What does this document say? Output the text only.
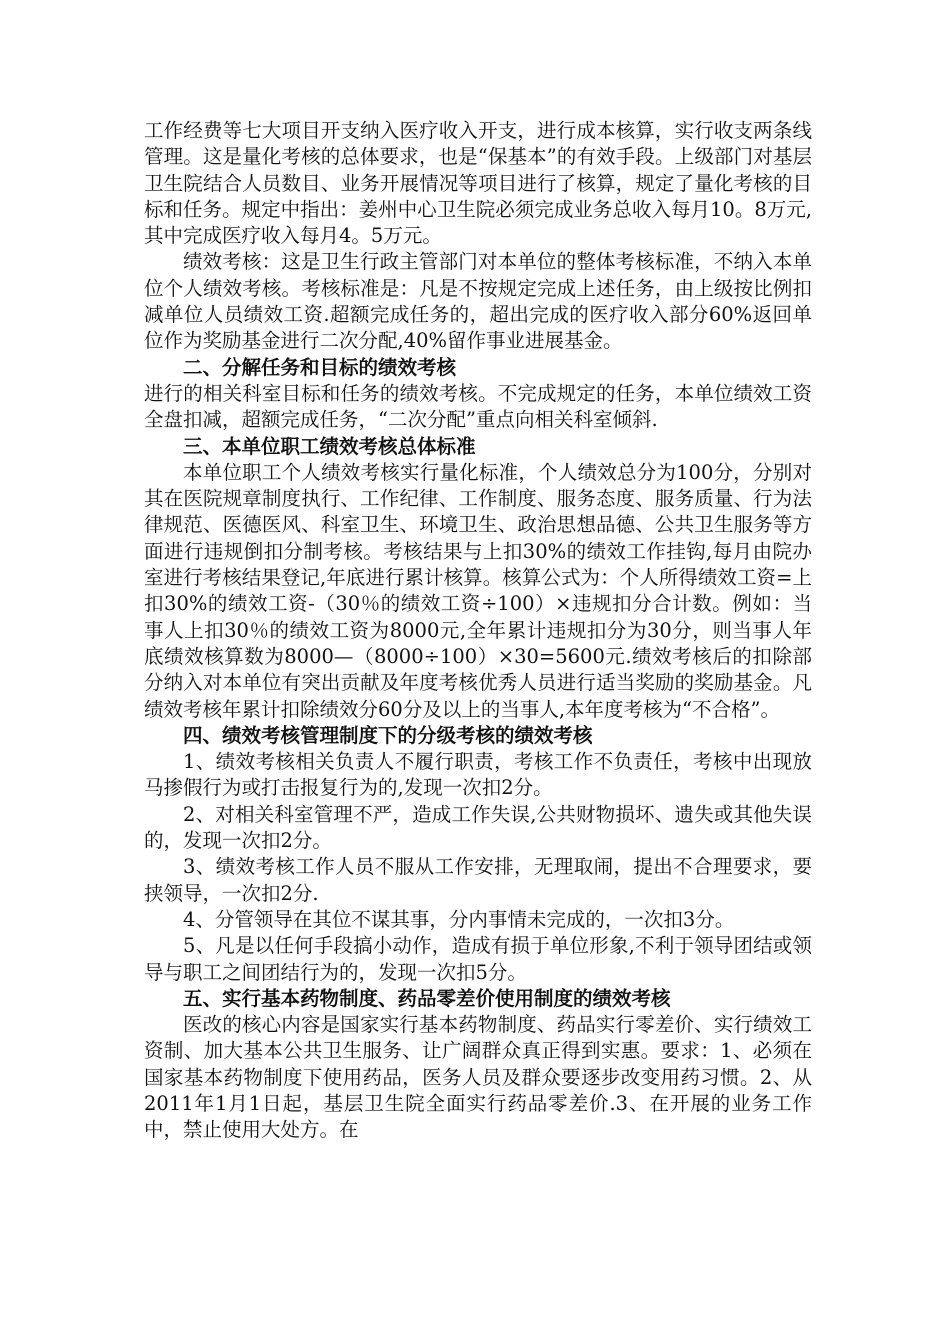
工作经费等七大项目开支纳入医疗收入开支，进行成本核算，实行收支两条线管理。这是量化考核的总体要求，也是“保基本”的有效手段。上级部门对基层卫生院结合人员数目、业务开展情况等项目进行了核算，规定了量化考核的目标和任务。规定中指出：姜州中心卫生院必须完成业务总收入每月10。8万元,其中完成医疗收入每月4。5万元。

绩效考核：这是卫生行政主管部门对本单位的整体考核标准，不纳入本单位个人绩效考核。考核标准是：凡是不按规定完成上述任务，由上级按比例扣减单位人员绩效工资.超额完成任务的，超出完成的医疗收入部分60%返回单位作为奖励基金进行二次分配,40%留作事业进展基金。

二、分解任务和目标的绩效考核

进行的相关科室目标和任务的绩效考核。不完成规定的任务，本单位绩效工资全盘扣减，超额完成任务，“二次分配”重点向相关科室倾斜.

三、本单位职工绩效考核总体标准

本单位职工个人绩效考核实行量化标准，个人绩效总分为100分，分别对其在医院规章制度执行、工作纪律、工作制度、服务态度、服务质量、行为法律规范、医德医风、科室卫生、环境卫生、政治思想品德、公共卫生服务等方面进行违规倒扣分制考核。考核结果与上扣30%的绩效工作挂钩,每月由院办室进行考核结果登记,年底进行累计核算。核算公式为：个人所得绩效工资=上扣30%的绩效工资-（30％的绩效工资÷100）×违规扣分合计数。例如：当事人上扣30％的绩效工资为8000元,全年累计违规扣分为30分，则当事人年底绩效核算数为8000—（8000÷100）×30=5600元.绩效考核后的扣除部分纳入对本单位有突出贡献及年度考核优秀人员进行适当奖励的奖励基金。凡绩效考核年累计扣除绩效分60分及以上的当事人,本年度考核为“不合格”。

四、绩效考核管理制度下的分级考核的绩效考核

1、绩效考核相关负责人不履行职责，考核工作不负责任，考核中出现放马掺假行为或打击报复行为的,发现一次扣2分。

2、对相关科室管理不严，造成工作失误,公共财物损坏、遗失或其他失误的，发现一次扣2分。

3、绩效考核工作人员不服从工作安排，无理取闹，提出不合理要求，要挟领导，一次扣2分.

4、分管领导在其位不谋其事，分内事情未完成的，一次扣3分。

5、凡是以任何手段搞小动作，造成有损于单位形象,不利于领导团结或领导与职工之间团结行为的，发现一次扣5分。

五、实行基本药物制度、药品零差价使用制度的绩效考核

医改的核心内容是国家实行基本药物制度、药品实行零差价、实行绩效工资制、加大基本公共卫生服务、让广阔群众真正得到实惠。要求：1、必须在国家基本药物制度下使用药品，医务人员及群众要逐步改变用药习惯。2、从2011年1月1日起，基层卫生院全面实行药品零差价.3、在开展的业务工作中，禁止使用大处方。在
